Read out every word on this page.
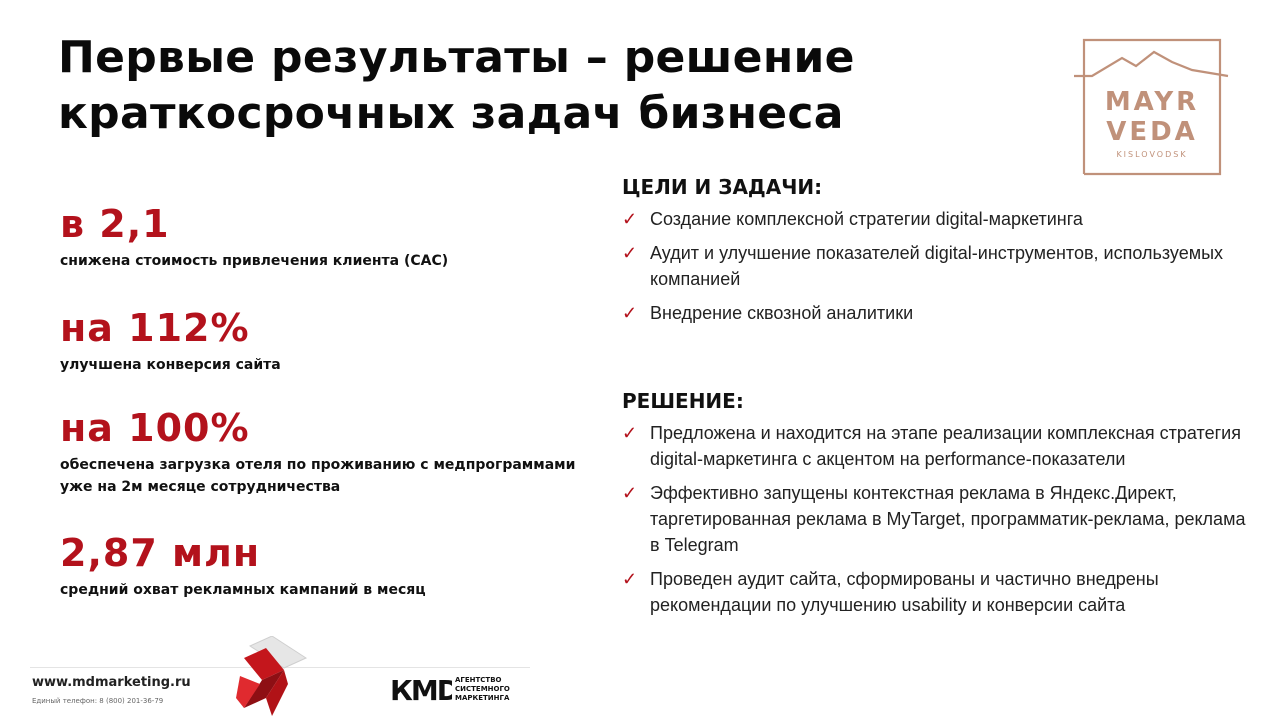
Первые результаты – решение
краткосрочных задач бизнеса	MAYR
VEDA
KISLOVODSK
в 2,1
снижена стоимость привлечения клиента (CAC)
на 112%
улучшена конверсия сайта
на 100%
обеспечена загрузка отеля по проживанию с медпрограммами
уже на 2м месяце сотрудничества
2,87 млн
средний охват рекламных кампаний в месяц
ЦЕЛИ И ЗАДАЧИ:
✓ Создание комплексной стратегии digital-маркетинга
✓ Аудит и улучшение показателей digital-инструментов, используемых компанией
✓ Внедрение сквозной аналитики
РЕШЕНИЕ:
✓ Предложена и находится на этапе реализации комплексная стратегия digital-маркетинга с акцентом на performance-показатели
✓ Эффективно запущены контекстная реклама в Яндекс.Директ, таргетированная реклама в MyTarget, программатик-реклама, реклама в Telegram
✓ Проведен аудит сайта, сформированы и частично внедрены рекомендации по улучшению usability и конверсии сайта
www.mdmarketing.ru
Единый телефон: 8 (800) 201-36-79	КМD
АГЕНТСТВО
СИСТЕМНОГО
МАРКЕТИНГА
